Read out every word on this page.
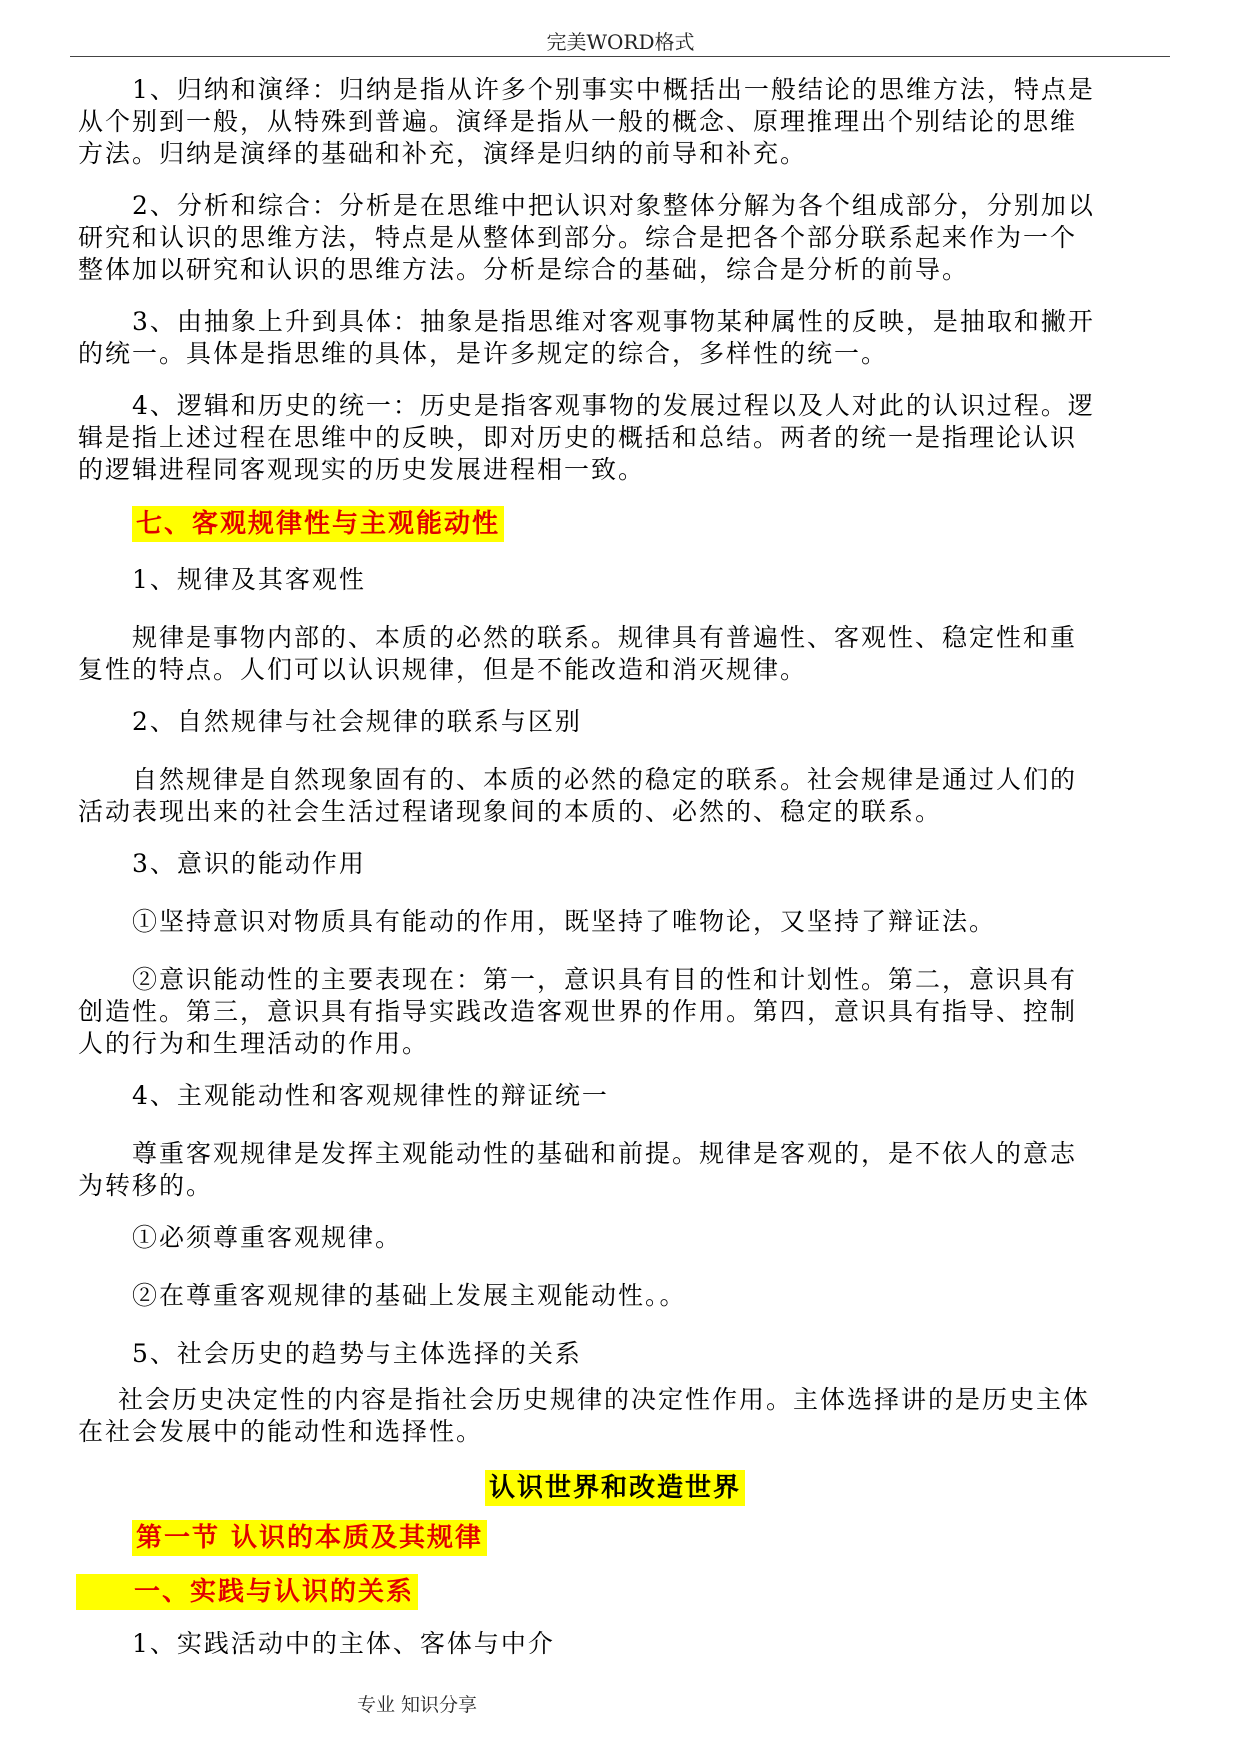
完美WORD格式
1、归纳和演绎：归纳是指从许多个别事实中概括出一般结论的思维方法，特点是
从个别到一般，从特殊到普遍。演绎是指从一般的概念、原理推理出个别结论的思维
方法。归纳是演绎的基础和补充，演绎是归纳的前导和补充。
2、分析和综合：分析是在思维中把认识对象整体分解为各个组成部分，分别加以
研究和认识的思维方法，特点是从整体到部分。综合是把各个部分联系起来作为一个
整体加以研究和认识的思维方法。分析是综合的基础，综合是分析的前导。
3、由抽象上升到具体：抽象是指思维对客观事物某种属性的反映，是抽取和撇开
的统一。具体是指思维的具体，是许多规定的综合，多样性的统一。
4、逻辑和历史的统一：历史是指客观事物的发展过程以及人对此的认识过程。逻
辑是指上述过程在思维中的反映，即对历史的概括和总结。两者的统一是指理论认识
的逻辑进程同客观现实的历史发展进程相一致。
七、客观规律性与主观能动性
1、规律及其客观性
规律是事物内部的、本质的必然的联系。规律具有普遍性、客观性、稳定性和重
复性的特点。人们可以认识规律，但是不能改造和消灭规律。
2、自然规律与社会规律的联系与区别
自然规律是自然现象固有的、本质的必然的稳定的联系。社会规律是通过人们的
活动表现出来的社会生活过程诸现象间的本质的、必然的、稳定的联系。
3、意识的能动作用
①坚持意识对物质具有能动的作用，既坚持了唯物论，又坚持了辩证法。
②意识能动性的主要表现在：第一，意识具有目的性和计划性。第二，意识具有
创造性。第三，意识具有指导实践改造客观世界的作用。第四，意识具有指导、控制
人的行为和生理活动的作用。
4、主观能动性和客观规律性的辩证统一
尊重客观规律是发挥主观能动性的基础和前提。规律是客观的，是不依人的意志
为转移的。
①必须尊重客观规律。
②在尊重客观规律的基础上发展主观能动性。。
5、社会历史的趋势与主体选择的关系
社会历史决定性的内容是指社会历史规律的决定性作用。主体选择讲的是历史主体
在社会发展中的能动性和选择性。
认识世界和改造世界
第一节 认识的本质及其规律
一、实践与认识的关系
1、实践活动中的主体、客体与中介
专业 知识分享
